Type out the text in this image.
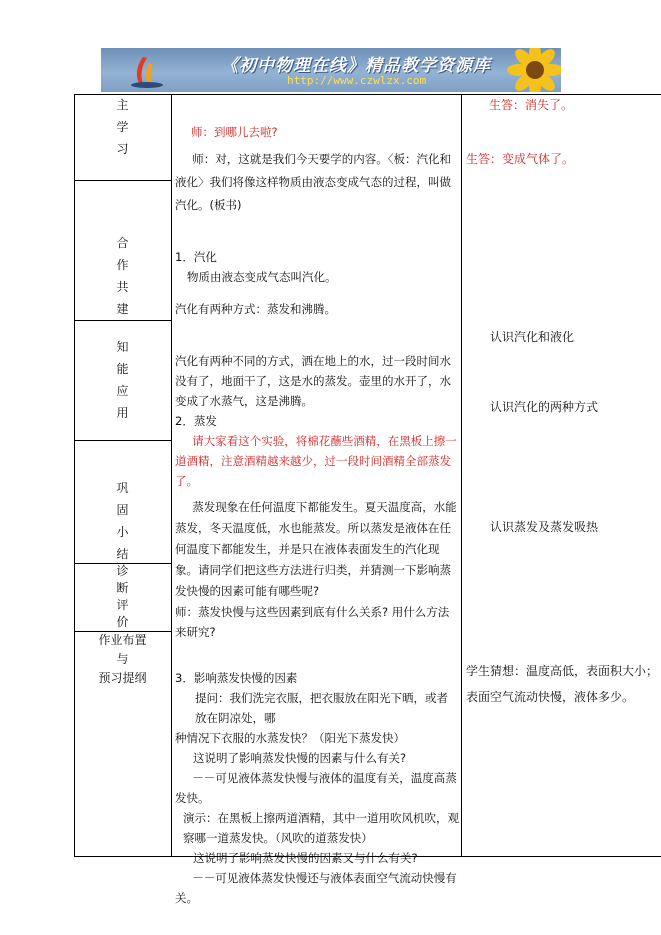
《初中物理在线》精品教学资源库
http://www.czwlzx.com
主
学
习
合
作
共
建
知
能
应
用
巩
固
小
结
诊
断
评
价
作业布置
与
预习提纲

师：到哪儿去啦?

师：对，这就是我们今天要学的内容。〈板：汽化和液化〉我们将像这样物质由液态变成气态的过程，叫做汽化。(板书)

1．汽化

物质由液态变成气态叫汽化。

汽化有两种方式：蒸发和沸腾。

汽化有两种不同的方式，洒在地上的水，过一段时间水没有了，地面干了，这是水的蒸发。壶里的水开了，水变成了水蒸气，这是沸腾。

2．蒸发

请大家看这个实验，将棉花蘸些酒精，在黑板上擦一道酒精，注意酒精越来越少，过一段时间酒精全部蒸发了。

蒸发现象在任何温度下都能发生。夏天温度高，水能蒸发，冬天温度低，水也能蒸发。所以蒸发是液体在任何温度下都能发生，并是只在液体表面发生的汽化现象。请同学们把这些方法进行归类，并猜测一下影响蒸发快慢的因素可能有哪些呢?

师：蒸发快慢与这些因素到底有什么关系? 用什么方法来研究?

3．影响蒸发快慢的因素

提问：我们洗完衣服，把衣服放在阳光下晒，或者放在阴凉处，哪

种情况下衣服的水蒸发快？（阳光下蒸发快）

这说明了影响蒸发快慢的因素与什么有关?

－－可见液体蒸发快慢与液体的温度有关，温度高蒸发快。

演示：在黑板上擦两道酒精，其中一道用吹风机吹，观察哪一道蒸发快。（风吹的道蒸发快）

这说明了影响蒸发快慢的因素又与什么有关?

－－可见液体蒸发快慢还与液体表面空气流动快慢有关。

生答：消失了。
生答：变成气体了。
认识汽化和液化
认识汽化的两种方式
认识蒸发及蒸发吸热
学生猜想：温度高低，表面积大小；表面空气流动快慢，液体多少。
